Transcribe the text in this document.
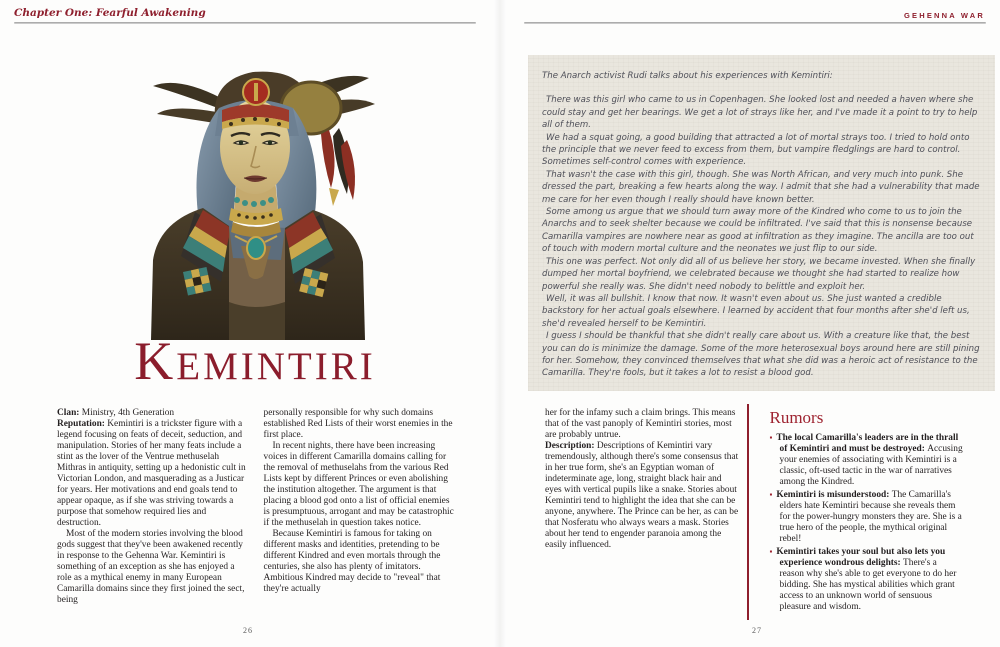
Chapter One: Fearful Awakening	GEHENNA WAR
KEMINTIRI

Clan: Ministry, 4th Generation

Reputation: Kemintiri is a trickster figure with a legend focusing on feats of deceit, seduction, and manipulation. Stories of her many feats include a stint as the lover of the Ventrue methuselah Mithras in antiquity, setting up a hedonistic cult in Victorian London, and masquerading as a Justicar for years. Her motivations and end goals tend to appear opaque, as if she was striving towards a purpose that somehow required lies and destruction.

Most of the modern stories involving the blood gods suggest that they've been awakened recently in response to the Gehenna War. Kemintiri is something of an exception as she has enjoyed a role as a mythical enemy in many European Camarilla domains since they first joined the sect, being

personally responsible for why such domains established Red Lists of their worst enemies in the first place.

In recent nights, there have been increasing voices in different Camarilla domains calling for the removal of methuselahs from the various Red Lists kept by different Princes or even abolishing the institution altogether. The argument is that placing a blood god onto a list of official enemies is presumptuous, arrogant and may be catastrophic if the methuselah in question takes notice.

Because Kemintiri is famous for taking on different masks and identities, pretending to be different Kindred and even mortals through the centuries, she also has plenty of imitators. Ambitious Kindred may decide to "reveal" that they're actually

The Anarch activist Rudi talks about his experiences with Kemintiri:

There was this girl who came to us in Copenhagen. She looked lost and needed a haven where she could stay and get her bearings. We get a lot of strays like her, and I've made it a point to try to help all of them.

We had a squat going, a good building that attracted a lot of mortal strays too. I tried to hold onto the principle that we never feed to excess from them, but vampire fledglings are hard to control. Sometimes self-control comes with experience.

That wasn't the case with this girl, though. She was North African, and very much into punk. She dressed the part, breaking a few hearts along the way. I admit that she had a vulnerability that made me care for her even though I really should have known better.

Some among us argue that we should turn away more of the Kindred who come to us to join the Anarchs and to seek shelter because we could be infiltrated. I've said that this is nonsense because Camarilla vampires are nowhere near as good at infiltration as they imagine. The ancilla are too out of touch with modern mortal culture and the neonates we just flip to our side.

This one was perfect. Not only did all of us believe her story, we became invested. When she finally dumped her mortal boyfriend, we celebrated because we thought she had started to realize how powerful she really was. She didn't need nobody to belittle and exploit her.

Well, it was all bullshit. I know that now. It wasn't even about us. She just wanted a credible backstory for her actual goals elsewhere. I learned by accident that four months after she'd left us, she'd revealed herself to be Kemintiri.

I guess I should be thankful that she didn't really care about us. With a creature like that, the best you can do is minimize the damage. Some of the more heterosexual boys around here are still pining for her. Somehow, they convinced themselves that what she did was a heroic act of resistance to the Camarilla. They're fools, but it takes a lot to resist a blood god.

her for the infamy such a claim brings. This means that of the vast panoply of Kemintiri stories, most are probably untrue.

Description: Descriptions of Kemintiri vary tremendously, although there's some consensus that in her true form, she's an Egyptian woman of indeterminate age, long, straight black hair and eyes with vertical pupils like a snake. Stories about Kemintiri tend to highlight the idea that she can be anyone, anywhere. The Prince can be her, as can be that Nosferatu who always wears a mask. Stories about her tend to engender paranoia among the easily influenced.

Rumors
▪ The local Camarilla's leaders are in the thrall of Kemintiri and must be destroyed: Accusing your enemies of associating with Kemintiri is a classic, oft-used tactic in the war of narratives among the Kindred.
▪ Kemintiri is misunderstood: The Camarilla's elders hate Kemintiri because she reveals them for the power-hungry monsters they are. She is a true hero of the people, the mythical original rebel!
▪ Kemintiri takes your soul but also lets you experience wondrous delights: There's a reason why she's able to get everyone to do her bidding. She has mystical abilities which grant access to an unknown world of sensuous pleasure and wisdom.
26	27
